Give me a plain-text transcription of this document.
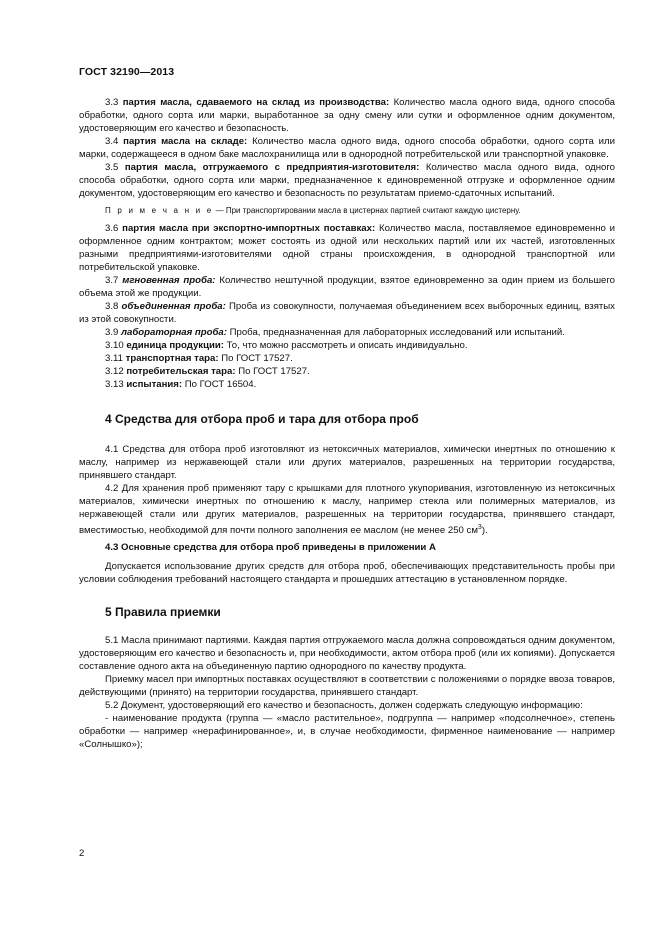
ГОСТ 32190—2013

3.3 партия масла, сдаваемого на склад из производства: Количество масла одного вида, одного способа обработки, одного сорта или марки, выработанное за одну смену или сутки и оформленное одним документом, удостоверяющим его качество и безопасность.

3.4 партия масла на складе: Количество масла одного вида, одного способа обработки, одного сорта или марки, содержащееся в одном баке маслохранилища или в однородной потребительской или транспортной упаковке.

3.5 партия масла, отгружаемого с предприятия-изготовителя: Количество масла одного вида, одного способа обработки, одного сорта или марки, предназначенное к единовременной отгрузке и оформленное одним документом, удостоверяющим его качество и безопасность по результатам приемо-сдаточных испытаний.

П р и м е ч а н и е — При транспортировании масла в цистернах партией считают каждую цистерну.

3.6 партия масла при экспортно-импортных поставках: Количество масла, поставляемое единовременно и оформленное одним контрактом; может состоять из одной или нескольких партий или их частей, изготовленных разными предприятиями-изготовителями одной страны происхождения, в однородной транспортной или потребительской упаковке.

3.7 мгновенная проба: Количество нештучной продукции, взятое единовременно за один прием из большего объема этой же продукции.

3.8 объединенная проба: Проба из совокупности, получаемая объединением всех выборочных единиц, взятых из этой совокупности.

3.9 лабораторная проба: Проба, предназначенная для лабораторных исследований или испытаний.

3.10 единица продукции: То, что можно рассмотреть и описать индивидуально.

3.11 транспортная тара: По ГОСТ 17527.

3.12 потребительская тара: По ГОСТ 17527.

3.13 испытания: По ГОСТ 16504.

4 Средства для отбора проб и тара для отбора проб

4.1 Средства для отбора проб изготовляют из нетоксичных материалов, химически инертных по отношению к маслу, например из нержавеющей стали или других материалов, разрешенных на территории государства, принявшего стандарт.

4.2 Для хранения проб применяют тару с крышками для плотного укупоривания, изготовленную из нетоксичных материалов, химически инертных по отношению к маслу, например стекла или полимерных материалов, из нержавеющей стали или других материалов, разрешенных на территории государства, принявшего стандарт, вместимостью, необходимой для почти полного заполнения ее маслом (не менее 250 $см^3$).

4.3 Основные средства для отбора проб приведены в приложении А

Допускается использование других средств для отбора проб, обеспечивающих представительность пробы при условии соблюдения требований настоящего стандарта и прошедших аттестацию в установленном порядке.

5 Правила приемки

5.1 Масла принимают партиями. Каждая партия отгружаемого масла должна сопровождаться одним документом, удостоверяющим его качество и безопасность и, при необходимости, актом отбора проб (или их копиями). Допускается составление одного акта на объединенную партию однородного по качеству продукта.

Приемку масел при импортных поставках осуществляют в соответствии с положениями о порядке ввоза товаров, действующими (принято) на территории государства, принявшего стандарт.

5.2 Документ, удостоверяющий его качество и безопасность, должен содержать следующую информацию:

- наименование продукта (группа — «масло растительное», подгруппа — например «подсолнечное», степень обработки — например «нерафинированное», и, в случае необходимости, фирменное наименование — например «Солнышко»);

2
